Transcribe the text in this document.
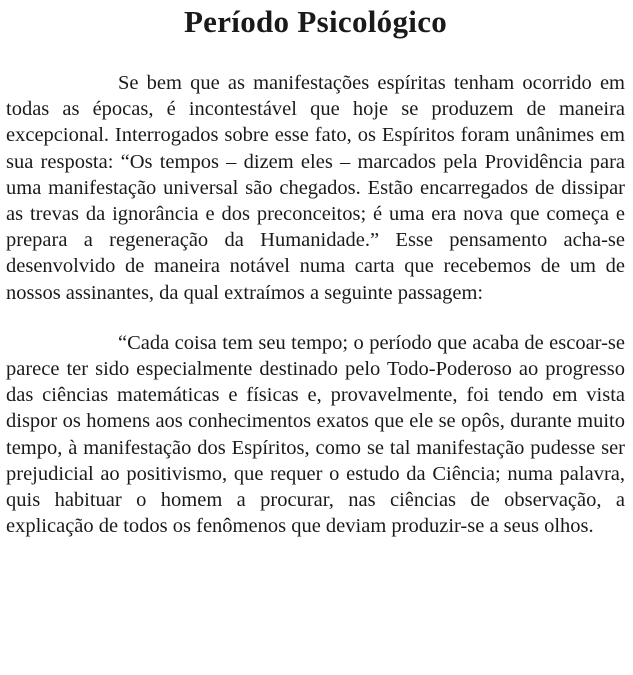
Período Psicológico

Se bem que as manifestações espíritas tenham ocorrido em todas as épocas, é incontestável que hoje se produzem de maneira excepcional. Interrogados sobre esse fato, os Espíritos foram unânimes em sua resposta: “Os tempos – dizem eles – marcados pela Providência para uma manifestação universal são chegados. Estão encarregados de dissipar as trevas da ignorância e dos preconceitos; é uma era nova que começa e prepara a regeneração da Humanidade.” Esse pensamento acha-se desenvolvido de maneira notável numa carta que recebemos de um de nossos assinantes, da qual extraímos a seguinte passagem:

“Cada coisa tem seu tempo; o período que acaba de escoar-se parece ter sido especialmente destinado pelo Todo-Poderoso ao progresso das ciências matemáticas e físicas e, provavelmente, foi tendo em vista dispor os homens aos conhecimentos exatos que ele se opôs, durante muito tempo, à manifestação dos Espíritos, como se tal manifestação pudesse ser prejudicial ao positivismo, que requer o estudo da Ciência; numa palavra, quis habituar o homem a procurar, nas ciências de observação, a explicação de todos os fenômenos que deviam produzir-se a seus olhos.
